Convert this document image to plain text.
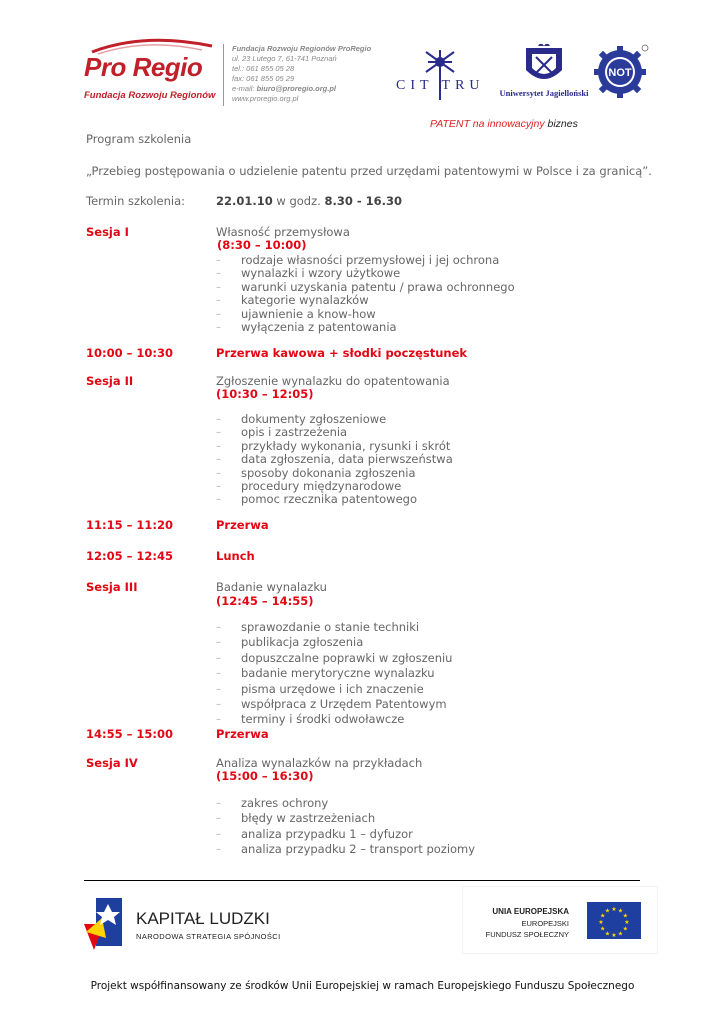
Pro Regio
Fundacja Rozwoju Regionów
Fundacja Rozwoju Regionów ProRegio
ul. 23 Lutego 7, 61-741 Poznań
tel.: 061 855 05 28
fax: 061 855 05 29
e-mail: biuro@proregio.org.pl
www.proregio.org.pl
CIT TRU	Uniwersytet Jagielloński
NOT
PATENT na innowacyjny biznes
Program szkolenia
„Przebieg postępowania o udzielenie patentu przed urzędami patentowymi w Polsce i za granicą”.
Termin szkolenia:	22.01.10 w godz. 8.30 - 16.30
Sesja I	Własność przemysłowa
(8:30 – 10:00)
– rodzaje własności przemysłowej i jej ochrona
– wynalazki i wzory użytkowe
– warunki uzyskania patentu / prawa ochronnego
– kategorie wynalazków
– ujawnienie a know-how
– wyłączenia z patentowania
10:00 – 10:30	Przerwa kawowa + słodki poczęstunek
Sesja II	Zgłoszenie wynalazku do opatentowania
(10:30 – 12:05)
– dokumenty zgłoszeniowe
– opis i zastrzeżenia
– przykłady wykonania, rysunki i skrót
– data zgłoszenia, data pierwszeństwa
– sposoby dokonania zgłoszenia
– procedury międzynarodowe
– pomoc rzecznika patentowego
11:15 – 11:20	Przerwa
12:05 – 12:45	Lunch
Sesja III	Badanie wynalazku
(12:45 – 14:55)
– sprawozdanie o stanie techniki
– publikacja zgłoszenia
– dopuszczalne poprawki w zgłoszeniu
– badanie merytoryczne wynalazku
– pisma urzędowe i ich znaczenie
– współpraca z Urzędem Patentowym
– terminy i środki odwoławcze
14:55 – 15:00	Przerwa
Sesja IV	Analiza wynalazków na przykładach
(15:00 – 16:30)
– zakres ochrony
– błędy w zastrzeżeniach
– analiza przypadku 1 – dyfuzor
– analiza przypadku 2 – transport poziomy
KAPITAŁ LUDZKI
NARODOWA STRATEGIA SPÓJNOŚCI
UNIA EUROPEJSKA
EUROPEJSKI
FUNDUSZ SPOŁECZNY
★ ★
★
★
★
★
★
★
★
★
★
★
Projekt współfinansowany ze środków Unii Europejskiej w ramach Europejskiego Funduszu Społecznego
